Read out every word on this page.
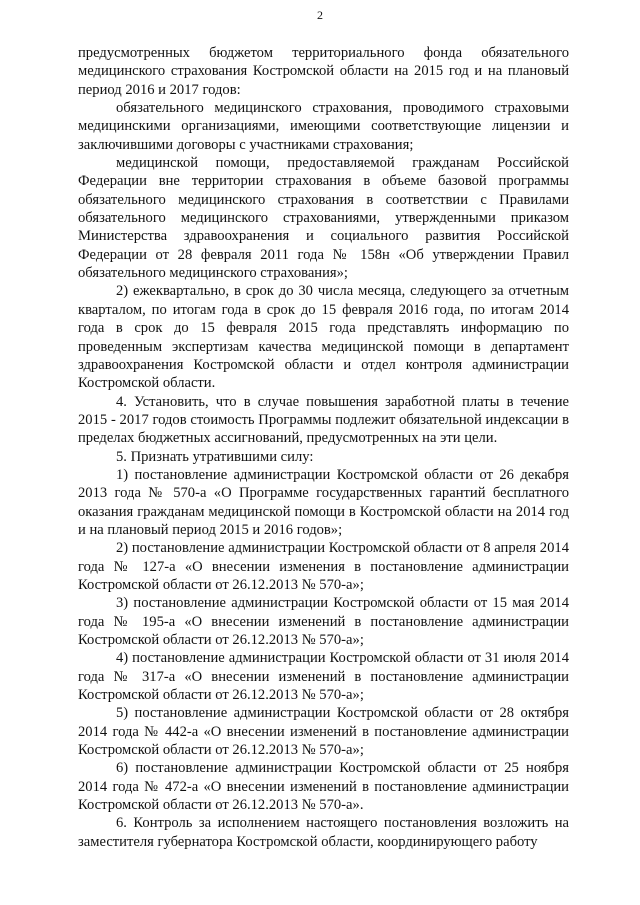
2

предусмотренных бюджетом территориального фонда обязательного медицинского страхования Костромской области на 2015 год и на плановый период 2016 и 2017 годов:

обязательного медицинского страхования, проводимого страховыми медицинскими организациями, имеющими соответствующие лицензии и заключившими договоры с участниками страхования;

медицинской помощи, предоставляемой гражданам Российской Федерации вне территории страхования в объеме базовой программы обязательного медицинского страхования в соответствии с Правилами обязательного медицинского страхованиями, утвержденными приказом Министерства здравоохранения и социального развития Российской Федерации от 28 февраля 2011 года № 158н «Об утверждении Правил обязательного медицинского страхования»;

2) ежеквартально, в срок до 30 числа месяца, следующего за отчетным кварталом, по итогам года в срок до 15 февраля 2016 года, по итогам 2014 года в срок до 15 февраля 2015 года представлять информацию по проведенным экспертизам качества медицинской помощи в департамент здравоохранения Костромской области и отдел контроля администрации Костромской области.

4. Установить, что в случае повышения заработной платы в течение 2015 - 2017 годов стоимость Программы подлежит обязательной индексации в пределах бюджетных ассигнований, предусмотренных на эти цели.

5. Признать утратившими силу:

1) постановление администрации Костромской области от 26 декабря 2013 года № 570-а «О Программе государственных гарантий бесплатного оказания гражданам медицинской помощи в Костромской области на 2014 год и на плановый период 2015 и 2016 годов»;

2) постановление администрации Костромской области от 8 апреля 2014 года № 127-а «О внесении изменения в постановление администрации Костромской области от 26.12.2013 № 570-а»;

3) постановление администрации Костромской области от 15 мая 2014 года № 195-а «О внесении изменений в постановление администрации Костромской области от 26.12.2013 № 570-а»;

4) постановление администрации Костромской области от 31 июля 2014 года № 317-а «О внесении изменений в постановление администрации Костромской области от 26.12.2013 № 570-а»;

5) постановление администрации Костромской области от 28 октября 2014 года № 442-а «О внесении изменений в постановление администрации Костромской области от 26.12.2013 № 570-а»;

6) постановление администрации Костромской области от 25 ноября 2014 года № 472-а «О внесении изменений в постановление администрации Костромской области от 26.12.2013 № 570-а».

6. Контроль за исполнением настоящего постановления возложить на заместителя губернатора Костромской области, координирующего работу
